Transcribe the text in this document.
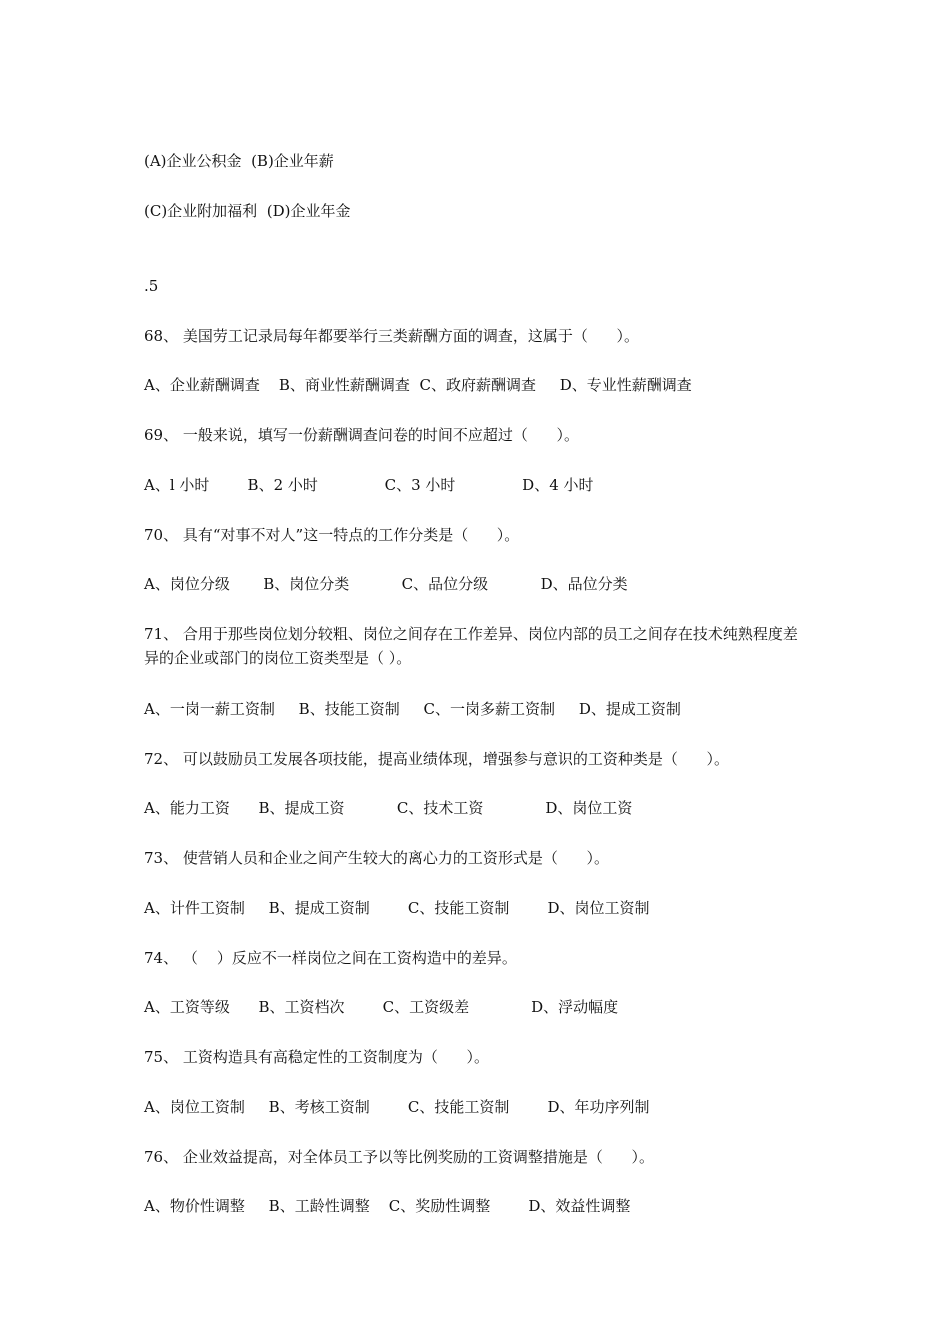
(A)企业公积金  (B)企业年薪
(C)企业附加福利  (D)企业年金
.5
68、 美国劳工记录局每年都要举行三类薪酬方面的调查，这属于（      ）。
A、企业薪酬调查    B、商业性薪酬调查  C、政府薪酬调查     D、专业性薪酬调查
69、 一般来说，填写一份薪酬调查问卷的时间不应超过（      ）。
A、l 小时        B、2 小时              C、3 小时              D、4 小时
70、 具有“对事不对人”这一特点的工作分类是（      ）。
A、岗位分级       B、岗位分类           C、品位分级           D、品位分类
71、 合用于那些岗位划分较粗、岗位之间存在工作差异、岗位内部的员工之间存在技术纯熟程度差异的企业或部门的岗位工资类型是（ ）。
A、一岗一薪工资制     B、技能工资制     C、一岗多薪工资制     D、提成工资制
72、 可以鼓励员工发展各项技能，提高业绩体现，增强参与意识的工资种类是（      ）。
A、能力工资      B、提成工资           C、技术工资             D、岗位工资
73、 使营销人员和企业之间产生较大的离心力的工资形式是（      ）。
A、计件工资制     B、提成工资制        C、技能工资制        D、岗位工资制
74、 （    ）反应不一样岗位之间在工资构造中的差异。
A、工资等级      B、工资档次        C、工资级差             D、浮动幅度
75、 工资构造具有高稳定性的工资制度为（      ）。
A、岗位工资制     B、考核工资制        C、技能工资制        D、年功序列制
76、 企业效益提高，对全体员工予以等比例奖励的工资调整措施是（      ）。
A、物价性调整     B、工龄性调整    C、奖励性调整        D、效益性调整
